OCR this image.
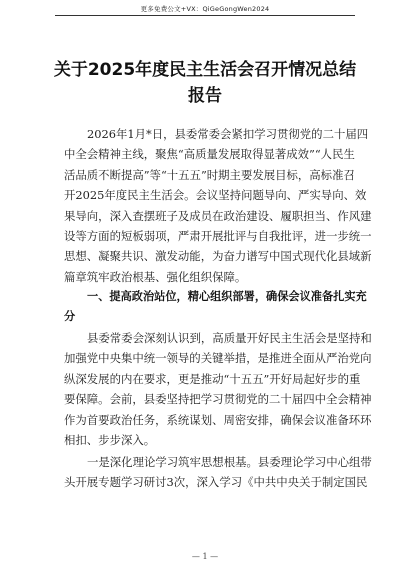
更多免费公文+VX：QiGeGongWen2024
关于2025年度民主生活会召开情况总结
报告
2026年1月*日，县委常委会紧扣学习贯彻党的二十届四
中全会精神主线，聚焦“高质量发展取得显著成效”“人民生
活品质不断提高”等“十五五”时期主要发展目标，高标准召
开2025年度民主生活会。会议坚持问题导向、严实导向、效
果导向，深入查摆班子及成员在政治建设、履职担当、作风建
设等方面的短板弱项，严肃开展批评与自我批评，进一步统一
思想、凝聚共识、激发动能，为奋力谱写中国式现代化县域新
篇章筑牢政治根基、强化组织保障。
一、提高政治站位，精心组织部署，确保会议准备扎实充
分
县委常委会深刻认识到，高质量开好民主生活会是坚持和
加强党中央集中统一领导的关键举措，是推进全面从严治党向
纵深发展的内在要求，更是推动“十五五”开好局起好步的重
要保障。会前，县委坚持把学习贯彻党的二十届四中全会精神
作为首要政治任务，系统谋划、周密安排，确保会议准备环环
相扣、步步深入。
一是深化理论学习筑牢思想根基。县委理论学习中心组带
头开展专题学习研讨3次，深入学习《中共中央关于制定国民
— 1 —
